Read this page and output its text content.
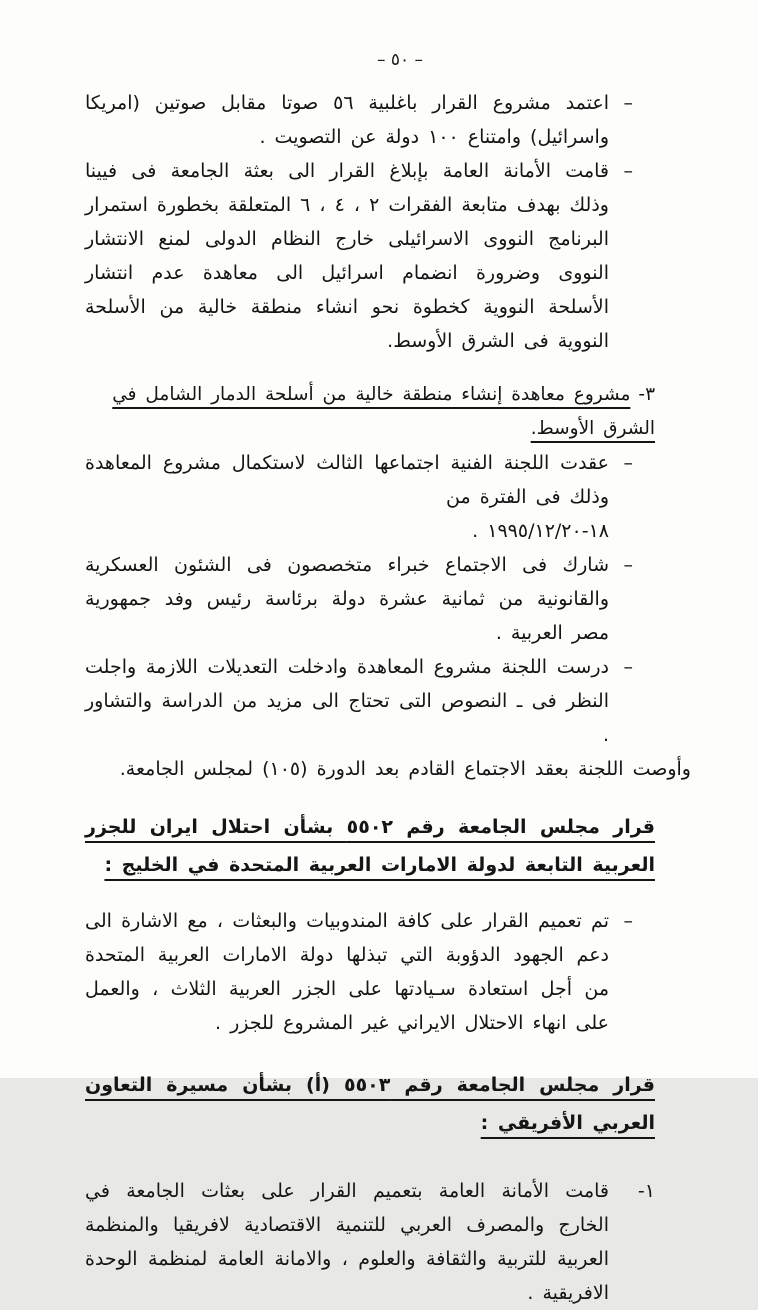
– ٥٠ –
–
اعتمد مشروع القرار باغلبية ٥٦ صوتا مقابل صوتين (امريكا واسرائيل) وامتناع ١٠٠ دولة عن التصويت .
–
قامت الأمانة العامة بإبلاغ القرار الى بعثة الجامعة فى فيينا وذلك بهدف متابعة الفقرات ٢ ، ٤ ، ٦ المتعلقة بخطورة استمرار البرنامج النووى الاسرائيلى خارج النظام الدولى لمنع الانتشار النووى وضرورة انضمام اسرائيل الى معاهدة عدم انتشار الأسلحة النووية كخطوة نحو انشاء منطقة خالية من الأسلحة النووية فى الشرق الأوسط.
٣-مشروع معاهدة إنشاء منطقة خالية من أسلحة الدمار الشامل في الشرق الأوسط.
–
عقدت اللجنة الفنية اجتماعها الثالث لاستكمال مشروع المعاهدة وذلك فى الفترة من
١٨-١٩٩٥/١٢/٢٠ .
–
شارك فى الاجتماع خبراء متخصصون فى الشئون العسكرية والقانونية من ثمانية عشرة دولة برئاسة رئيس وفد جمهورية مصر العربية .
–
درست اللجنة مشروع المعاهدة وادخلت التعديلات اللازمة واجلت النظر فى ـ النصوص التى تحتاج الى مزيد من الدراسة والتشاور .
وأوصت اللجنة بعقد الاجتماع القادم بعد الدورة (١٠٥) لمجلس الجامعة.
قرار مجلس الجامعة رقم ٥٥٠٢ بشأن احتلال ايران للجزر العربية التابعة لدولة الامارات العربية المتحدة في الخليج :
–
تم تعميم القرار على كافة المندوبيات والبعثات ، مع الاشارة الى دعم الجهود الدؤوبة التي تبذلها دولة الامارات العربية المتحدة من أجل استعادة سـيادتها على الجزر العربية الثلاث ، والعمل على انهاء الاحتلال الايراني غير المشروع للجزر .
قرار مجلس الجامعة رقم ٥٥٠٣ (أ) بشأن مسيرة التعاون العربي الأفريقي :
١-
قامت الأمانة العامة بتعميم القرار على بعثات الجامعة في الخارج والمصرف العربي للتنمية الاقتصادية لافريقيا والمنظمة العربية للتربية والثقافة والعلوم ، والامانة العامة لمنظمة الوحدة الافريقية .
